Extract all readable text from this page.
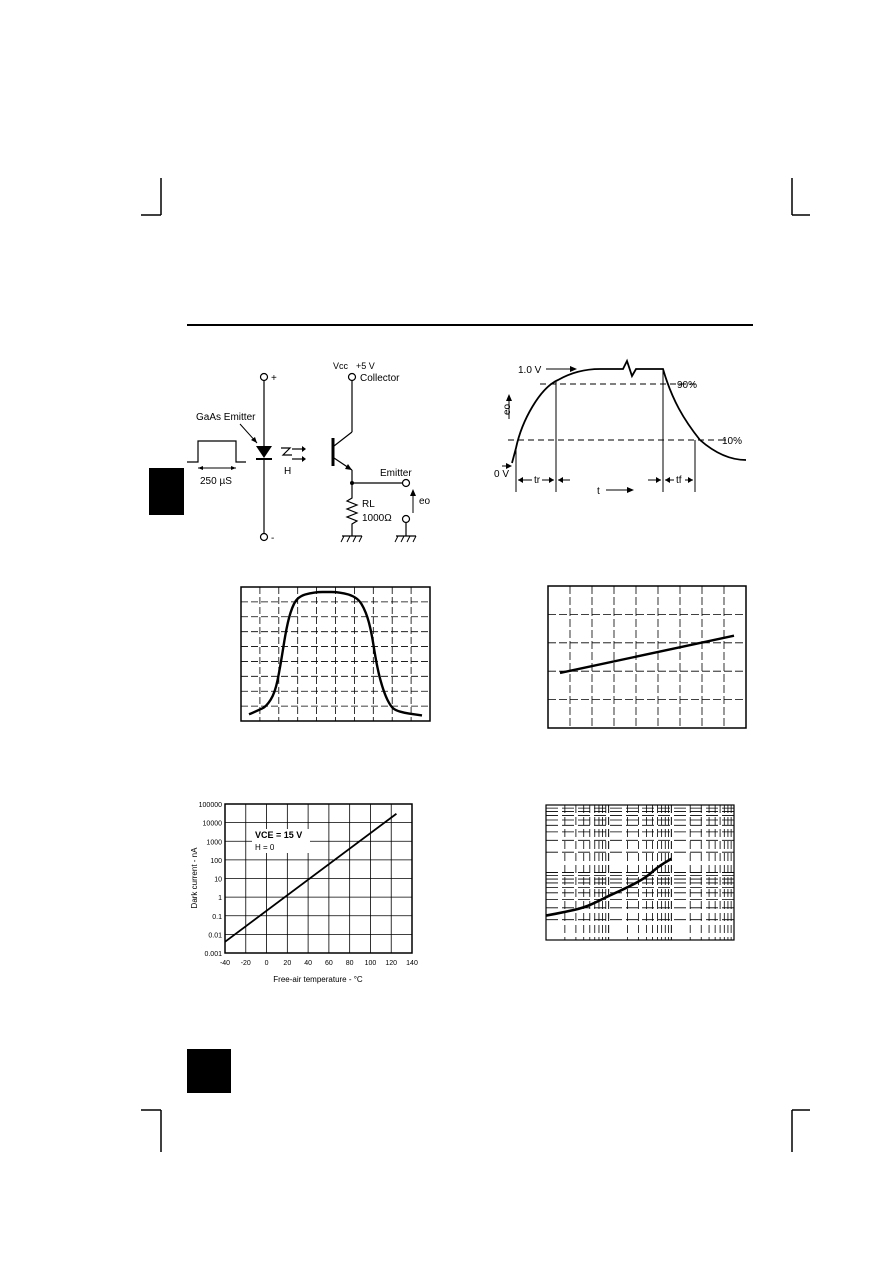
+
-
GaAs Emitter
H
250 µS
Vcc +5 V
Collector
Emitter
RL
1000Ω
eo
90%
10%
1.0 V
0 V
eo
tr
t
tf
-40 -20 0 20 40 60 80 100 120 140
100000
10000
1000
100
10
1
0.1
0.01
0.001
VCE = 15 V
H = 0
Free-air temperature - °C
Dark current - nA
